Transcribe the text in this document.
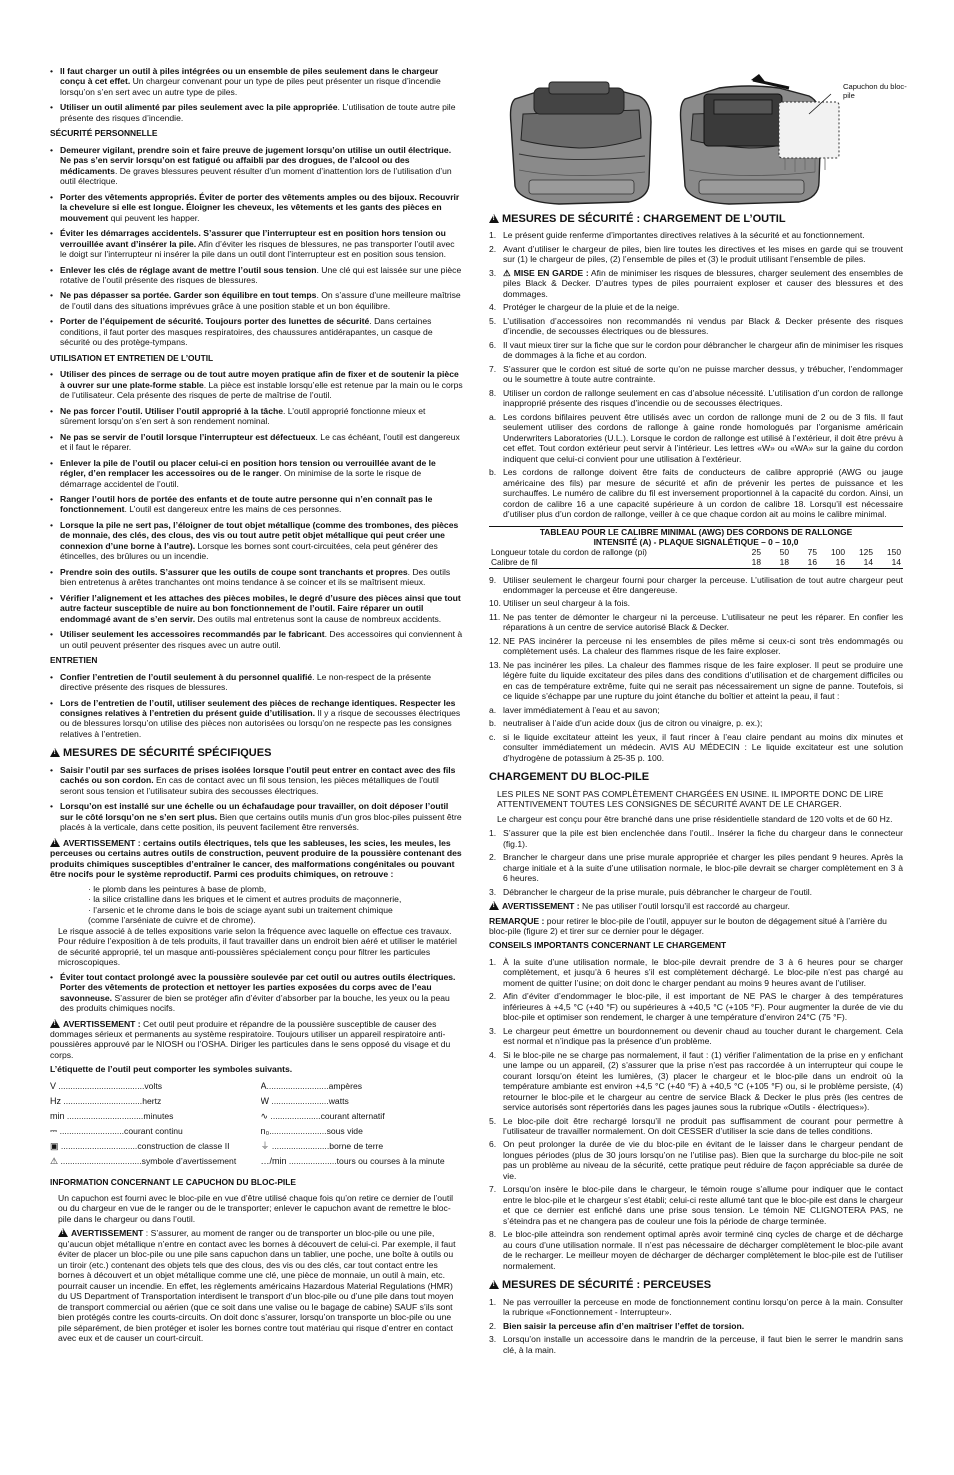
• Il faut charger un outil à piles intégrées ou un ensemble de piles seulement dans le chargeur conçu à cet effet. Un chargeur convenant pour un type de piles peut présenter un risque d’incendie lorsqu’on s’en sert avec un autre type de piles.

• Utiliser un outil alimenté par piles seulement avec la pile appropriée. L’utilisation de toute autre pile présente des risques d’incendie.

SÉCURITÉ PERSONNELLE

• Demeurer vigilant, prendre soin et faire preuve de jugement lorsqu’on utilise un outil électrique. Ne pas s’en servir lorsqu’on est fatigué ou affaibli par des drogues, de l’alcool ou des médicaments. De graves blessures peuvent résulter d’un moment d’inattention lors de l’utilisation d’un outil électrique.

• Porter des vêtements appropriés. Éviter de porter des vêtements amples ou des bijoux. Recouvrir la chevelure si elle est longue. Éloigner les cheveux, les vêtements et les gants des pièces en mouvement qui peuvent les happer.

• Éviter les démarrages accidentels. S’assurer que l’interrupteur est en position hors tension ou verrouillée avant d’insérer la pile. Afin d’éviter les risques de blessures, ne pas transporter l’outil avec le doigt sur l’interrupteur ni insérer la pile dans un outil dont l’interrupteur est en position sous tension.

• Enlever les clés de réglage avant de mettre l’outil sous tension. Une clé qui est laissée sur une pièce rotative de l’outil présente des risques de blessures.

• Ne pas dépasser sa portée. Garder son équilibre en tout temps. On s’assure d’une meilleure maîtrise de l’outil dans des situations imprévues grâce à une position stable et un bon équilibre.

• Porter de l’équipement de sécurité. Toujours porter des lunettes de sécurité. Dans certaines conditions, il faut porter des masques respiratoires, des chaussures antidérapantes, un casque de sécurité ou des protège-tympans.

UTILISATION ET ENTRETIEN DE L’OUTIL

• Utiliser des pinces de serrage ou de tout autre moyen pratique afin de fixer et de soutenir la pièce à ouvrer sur une plate-forme stable. La pièce est instable lorsqu’elle est retenue par la main ou le corps de l’utilisateur. Cela présente des risques de perte de maîtrise de l’outil.

• Ne pas forcer l’outil. Utiliser l’outil approprié à la tâche. L’outil approprié fonctionne mieux et sûrement lorsqu’on s’en sert à son rendement nominal.

• Ne pas se servir de l’outil lorsque l’interrupteur est défectueux. Le cas échéant, l’outil est dangereux et il faut le réparer.

• Enlever la pile de l’outil ou placer celui-ci en position hors tension ou verrouillée avant de le régler, d’en remplacer les accessoires ou de le ranger. On minimise de la sorte le risque de démarrage accidentel de l’outil.

• Ranger l’outil hors de portée des enfants et de toute autre personne qui n’en connaît pas le fonctionnement. L’outil est dangereux entre les mains de ces personnes.

• Lorsque la pile ne sert pas, l’éloigner de tout objet métallique (comme des trombones, des pièces de monnaie, des clés, des clous, des vis ou tout autre petit objet métallique qui peut créer une connexion d’une borne à l’autre). Lorsque les bornes sont court-circuitées, cela peut générer des étincelles, des brûlures ou un incendie.

• Prendre soin des outils. S’assurer que les outils de coupe sont tranchants et propres. Des outils bien entretenus à arêtes tranchantes ont moins tendance à se coincer et ils se maîtrisent mieux.

• Vérifier l’alignement et les attaches des pièces mobiles, le degré d’usure des pièces ainsi que tout autre facteur susceptible de nuire au bon fonctionnement de l’outil. Faire réparer un outil endommagé avant de s’en servir. Des outils mal entretenus sont la cause de nombreux accidents.

• Utiliser seulement les accessoires recommandés par le fabricant. Des accessoires qui conviennent à un outil peuvent présenter des risques avec un autre outil.

ENTRETIEN

• Confier l’entretien de l’outil seulement à du personnel qualifié. Le non-respect de la présente directive présente des risques de blessures.

• Lors de l’entretien de l’outil, utiliser seulement des pièces de rechange identiques. Respecter les consignes relatives à l’entretien du présent guide d’utilisation. Il y a risque de secousses électriques ou de blessures lorsqu’on utilise des pièces non autorisées ou lorsqu’on ne respecte pas les consignes relatives à l’entretien.

!MESURES DE SÉCURITÉ SPÉCIFIQUES

• Saisir l’outil par ses surfaces de prises isolées lorsque l’outil peut entrer en contact avec des fils cachés ou son cordon. En cas de contact avec un fil sous tension, les pièces métalliques de l’outil seront sous tension et l’utilisateur subira des secousses électriques.

• Lorsqu’on est installé sur une échelle ou un échafaudage pour travailler, on doit déposer l’outil sur le côté lorsqu’on ne s’en sert plus. Bien que certains outils munis d’un gros bloc-piles puissent être placés à la verticale, dans cette position, ils peuvent facilement être renversés.

!AVERTISSEMENT : certains outils électriques, tels que les sableuses, les scies, les meules, les perceuses ou certains autres outils de construction, peuvent produire de la poussière contenant des produits chimiques susceptibles d’entraîner le cancer, des malformations congénitales ou pouvant être nocifs pour le système reproductif. Parmi ces produits chimiques, on retrouve :

· le plomb dans les peintures à base de plomb,
· la silice cristalline dans les briques et le ciment et autres produits de maçonnerie,
· l’arsenic et le chrome dans le bois de sciage ayant subi un traitement chimique
(comme l’arséniate de cuivre et de chrome).

Le risque associé à de telles expositions varie selon la fréquence avec laquelle on effectue ces travaux. Pour réduire l’exposition à de tels produits, il faut travailler dans un endroit bien aéré et utiliser le matériel de sécurité approprié, tel un masque anti-poussières spécialement conçu pour filtrer les particules microscopiques.

• Éviter tout contact prolongé avec la poussière soulevée par cet outil ou autres outils électriques. Porter des vêtements de protection et nettoyer les parties exposées du corps avec de l’eau savonneuse. S’assurer de bien se protéger afin d’éviter d’absorber par la bouche, les yeux ou la peau des produits chimiques nocifs.

!AVERTISSEMENT : Cet outil peut produire et répandre de la poussière susceptible de causer des dommages sérieux et permanents au système respiratoire. Toujours utiliser un appareil respiratoire anti-poussières approuvé par le NIOSH ou l’OSHA. Diriger les particules dans le sens opposé du visage et du corps.

L’étiquette de l’outil peut comporter les symboles suivants.

V ....................................volts	A..........................ampères
Hz .................................hertz	W ........................watts
min ................................minutes	∿ .....................courant alternatif
⎓ ...........................courant continu	n₀........................sous vide
▣ ................................construction de classe II	⏚ ........................borne de terre
⚠ ..................................symbole d’avertissement	…/min ....................tours ou courses à la minute
INFORMATION CONCERNANT LE CAPUCHON DU BLOC-PILE

Un capuchon est fourni avec le bloc-pile en vue d’être utilisé chaque fois qu’on retire ce dernier de l’outil ou du chargeur en vue de le ranger ou de le transporter; enlever le capuchon avant de remettre le bloc-pile dans le chargeur ou dans l’outil.

!AVERTISSEMENT : S’assurer, au moment de ranger ou de transporter un bloc-pile ou une pile, qu’aucun objet métallique n’entre en contact avec les bornes à découvert de celui-ci. Par exemple, il faut éviter de placer un bloc-pile ou une pile sans capuchon dans un tablier, une poche, une boîte à outils ou un tiroir (etc.) contenant des objets tels que des clous, des vis ou des clés, car tout contact entre les bornes à découvert et un objet métallique comme une clé, une pièce de monnaie, un outil à main, etc. pourrait causer un incendie. En effet, les règlements américains Hazardous Material Regulations (HMR) du US Department of Transportation interdisent le transport d’un bloc-pile ou d’une pile dans tout moyen de transport commercial ou aérien (que ce soit dans une valise ou le bagage de cabine) SAUF s’ils sont bien protégés contre les courts-circuits. On doit donc s’assurer, lorsqu’on transporte un bloc-pile ou une pile séparément, de bien protéger et isoler les bornes contre tout matériau qui risque d’entrer en contact avec eux et de causer un court-circuit.

Capuchon du bloc-pile
!MESURES DE SÉCURITÉ : CHARGEMENT DE L’OUTIL
1. Le présent guide renferme d’importantes directives relatives à la sécurité et au fonctionnement.
2. Avant d’utiliser le chargeur de piles, bien lire toutes les directives et les mises en garde qui se trouvent sur (1) le chargeur de piles, (2) l’ensemble de piles et (3) le produit utilisant l’ensemble de piles.
3. ⚠ MISE EN GARDE : Afin de minimiser les risques de blessures, charger seulement des ensembles de piles Black & Decker. D’autres types de piles pourraient exploser et causer des blessures et des dommages.
4. Protéger le chargeur de la pluie et de la neige.
5. L’utilisation d’accessoires non recommandés ni vendus par Black & Decker présente des risques d’incendie, de secousses électriques ou de blessures.
6. Il vaut mieux tirer sur la fiche que sur le cordon pour débrancher le chargeur afin de minimiser les risques de dommages à la fiche et au cordon.
7. S’assurer que le cordon est situé de sorte qu’on ne puisse marcher dessus, y trébucher, l’endommager ou le soumettre à toute autre contrainte.
8. Utiliser un cordon de rallonge seulement en cas d’absolue nécessité. L’utilisation d’un cordon de rallonge inapproprié présente des risques d’incendie ou de secousses électriques.
a. Les cordons bifilaires peuvent être utilisés avec un cordon de rallonge muni de 2 ou de 3 fils. Il faut seulement utiliser des cordons de rallonge à gaine ronde homologués par l’organisme américain Underwriters Laboratories (U.L.). Lorsque le cordon de rallonge est utilisé à l’extérieur, il doit être prévu à cet effet. Tout cordon extérieur peut servir à l’intérieur. Les lettres «W» ou «WA» sur la gaine du cordon indiquent que celui-ci convient pour une utilisation à l’extérieur.
b. Les cordons de rallonge doivent être faits de conducteurs de calibre approprié (AWG ou jauge américaine des fils) par mesure de sécurité et afin de prévenir les pertes de puissance et les surchauffes. Le numéro de calibre du fil est inversement proportionnel à la capacité du cordon. Ainsi, un cordon de calibre 16 a une capacité supérieure à un cordon de calibre 18. Lorsqu’il est nécessaire d’utiliser plus d’un cordon de rallonge, veiller à ce que chaque cordon ait au moins le calibre minimal.
TABLEAU POUR LE CALIBRE MINIMAL (AWG) DES CORDONS DE RALLONGE						
INTENSITÉ (A) - PLAQUE SIGNALÉTIQUE – 0 – 10,0						
Longueur totale du cordon de rallonge (pi)	25	50	75	100	125	150
Calibre de fil	18	18	16	16	14	14
9. Utiliser seulement le chargeur fourni pour charger la perceuse. L’utilisation de tout autre chargeur peut endommager la perceuse et être dangereuse.
10. Utiliser un seul chargeur à la fois.
11. Ne pas tenter de démonter le chargeur ni la perceuse. L’utilisateur ne peut les réparer. En confier les réparations à un centre de service autorisé Black & Decker.
12. NE PAS incinérer la perceuse ni les ensembles de piles même si ceux-ci sont très endommagés ou complètement usés. La chaleur des flammes risque de les faire exploser.
13. Ne pas incinérer les piles. La chaleur des flammes risque de les faire exploser. Il peut se produire une légère fuite du liquide excitateur des piles dans des conditions d’utilisation et de chargement difficiles ou en cas de température extrême, fuite qui ne serait pas nécessairement un signe de panne. Toutefois, si ce liquide s’échappe par une rupture du joint étanche du boîtier et atteint la peau, il faut :
a. laver immédiatement à l’eau et au savon;
b. neutraliser à l’aide d’un acide doux (jus de citron ou vinaigre, p. ex.);
c. si le liquide excitateur atteint les yeux, il faut rincer à l’eau claire pendant au moins dix minutes et consulter immédiatement un médecin. AVIS AU MÉDECIN : Le liquide excitateur est une solution d’hydrogène de potassium à 25-35 p. 100.
CHARGEMENT DU BLOC-PILE

LES PILES NE SONT PAS COMPLÈTEMENT CHARGÉES EN USINE. IL IMPORTE DONC DE LIRE ATTENTIVEMENT TOUTES LES CONSIGNES DE SÉCURITÉ AVANT DE LE CHARGER.

Le chargeur est conçu pour être branché dans une prise résidentielle standard de 120 volts et de 60 Hz.

1. S’assurer que la pile est bien enclenchée dans l’outil.. Insérer la fiche du chargeur dans le connecteur (fig.1).
2. Brancher le chargeur dans une prise murale appropriée et charger les piles pendant 9 heures. Après la charge initiale et à la suite d’une utilisation normale, le bloc-pile devrait se charger complètement en 3 à 6 heures.
3. Débrancher le chargeur de la prise murale, puis débrancher le chargeur de l’outil.

!AVERTISSEMENT : Ne pas utiliser l’outil lorsqu’il est raccordé au chargeur.

REMARQUE : pour retirer le bloc-pile de l’outil, appuyer sur le bouton de dégagement situé à l’arrière du bloc-pile (figure 2) et tirer sur ce dernier pour le dégager.

CONSEILS IMPORTANTS CONCERNANT LE CHARGEMENT
1. À la suite d’une utilisation normale, le bloc-pile devrait prendre de 3 à 6 heures pour se charger complètement, et jusqu’à 6 heures s’il est complètement déchargé. Le bloc-pile n’est pas chargé au moment de quitter l’usine; on doit donc le charger pendant au moins 9 heures avant de l’utiliser.
2. Afin d’éviter d’endommager le bloc-pile, il est important de NE PAS le charger à des températures inférieures à +4,5 °C (+40 °F) ou supérieures à +40,5 °C (+105 °F). Pour augmenter la durée de vie du bloc-pile et optimiser son rendement, le charger à une température d’environ 24°C (75 °F).
3. Le chargeur peut émettre un bourdonnement ou devenir chaud au toucher durant le chargement. Cela est normal et n’indique pas la présence d’un problème.
4. Si le bloc-pile ne se charge pas normalement, il faut : (1) vérifier l’alimentation de la prise en y enfichant une lampe ou un appareil, (2) s’assurer que la prise n’est pas raccordée à un interrupteur qui coupe le courant lorsqu’on éteint les lumières, (3) placer le chargeur et le bloc-pile dans un endroit où la température ambiante est environ +4,5 °C (+40 °F) à +40,5 °C (+105 °F) ou, si le problème persiste, (4) retourner le bloc-pile et le chargeur au centre de service Black & Decker le plus près (les centres de service autorisés sont répertoriés dans les pages jaunes sous la rubrique «Outils - électriques»).
5. Le bloc-pile doit être rechargé lorsqu’il ne produit pas suffisamment de courant pour permettre à l’utilisateur de travailler normalement. On doit CESSER d’utiliser la scie dans de telles conditions.
6. On peut prolonger la durée de vie du bloc-pile en évitant de le laisser dans le chargeur pendant de longues périodes (plus de 30 jours lorsqu’on ne l’utilise pas). Bien que la surcharge du bloc-pile ne soit pas un problème au niveau de la sécurité, cette pratique peut réduire de façon appréciable sa durée de vie.
7. Lorsqu’on insère le bloc-pile dans le chargeur, le témoin rouge s’allume pour indiquer que le contact entre le bloc-pile et le chargeur s’est établi; celui-ci reste allumé tant que le bloc-pile est dans le chargeur et que ce dernier est enfiché dans une prise sous tension. Le témoin NE CLIGNOTERA PAS, ne s’éteindra pas et ne changera pas de couleur une fois la période de charge terminée.
8. Le bloc-pile atteindra son rendement optimal après avoir terminé cinq cycles de charge et de décharge au cours d’une utilisation normale. Il n’est pas nécessaire de décharger complètement le bloc-pile avant de le recharger. Le meilleur moyen de décharger de décharger complètement le bloc-pile est de l’utiliser normalement.
!MESURES DE SÉCURITÉ : PERCEUSES
1. Ne pas verrouiller la perceuse en mode de fonctionnement continu lorsqu’on perce à la main. Consulter la rubrique «Fonctionnement - Interrupteur».
2. Bien saisir la perceuse afin d’en maîtriser l’effet de torsion.
3. Lorsqu’on installe un accessoire dans le mandrin de la perceuse, il faut bien le serrer le mandrin sans clé, à la main.
